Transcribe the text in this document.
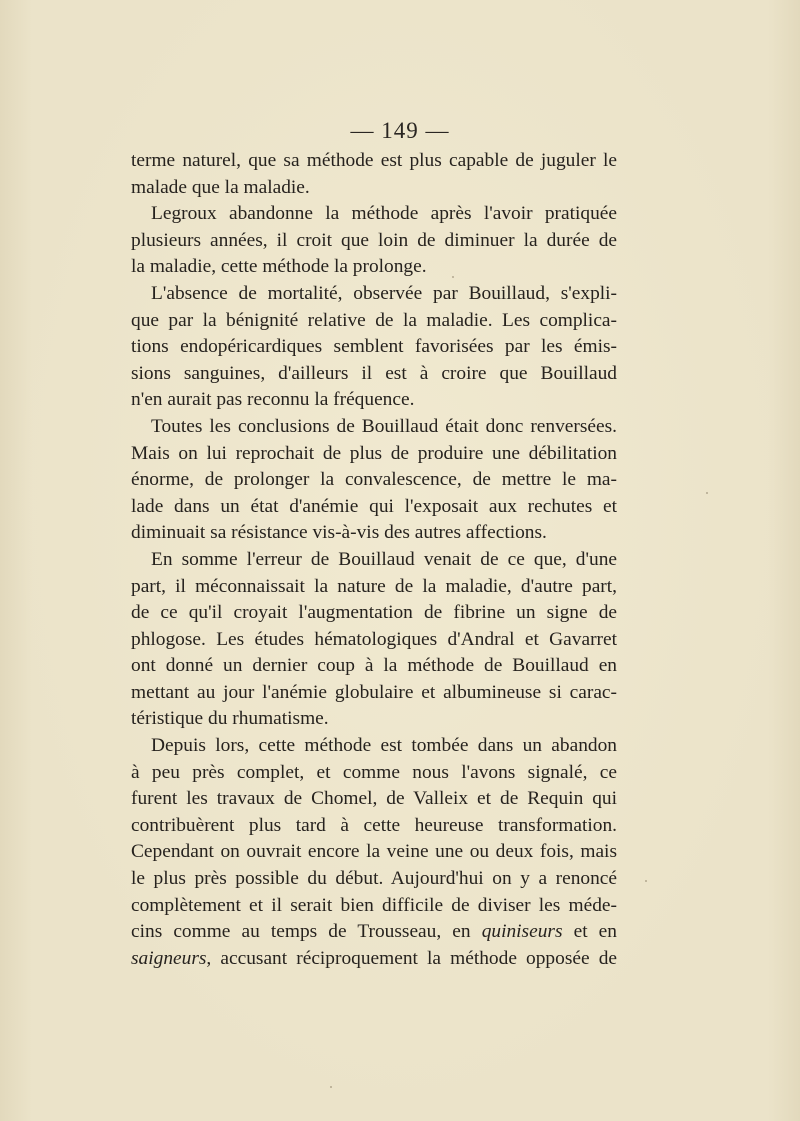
— 149 —
terme naturel, que sa méthode est plus capable de juguler le
malade que la maladie.
Legroux abandonne la méthode après l'avoir pratiquée
plusieurs années, il croit que loin de diminuer la durée de
la maladie, cette méthode la prolonge.
L'absence de mortalité, observée par Bouillaud, s'expli-
que par la bénignité relative de la maladie. Les complica-
tions endopéricardiques semblent favorisées par les émis-
sions sanguines, d'ailleurs il est à croire que Bouillaud
n'en aurait pas reconnu la fréquence.
Toutes les conclusions de Bouillaud était donc renversées.
Mais on lui reprochait de plus de produire une débilitation
énorme, de prolonger la convalescence, de mettre le ma-
lade dans un état d'anémie qui l'exposait aux rechutes et
diminuait sa résistance vis-à-vis des autres affections.
En somme l'erreur de Bouillaud venait de ce que, d'une
part, il méconnaissait la nature de la maladie, d'autre part,
de ce qu'il croyait l'augmentation de fibrine un signe de
phlogose. Les études hématologiques d'Andral et Gavarret
ont donné un dernier coup à la méthode de Bouillaud en
mettant au jour l'anémie globulaire et albumineuse si carac-
téristique du rhumatisme.
Depuis lors, cette méthode est tombée dans un abandon
à peu près complet, et comme nous l'avons signalé, ce
furent les travaux de Chomel, de Valleix et de Requin qui
contribuèrent plus tard à cette heureuse transformation.
Cependant on ouvrait encore la veine une ou deux fois, mais
le plus près possible du début. Aujourd'hui on y a renoncé
complètement et il serait bien difficile de diviser les méde-
cins comme au temps de Trousseau, en quiniseurs et en
saigneurs, accusant réciproquement la méthode opposée de
